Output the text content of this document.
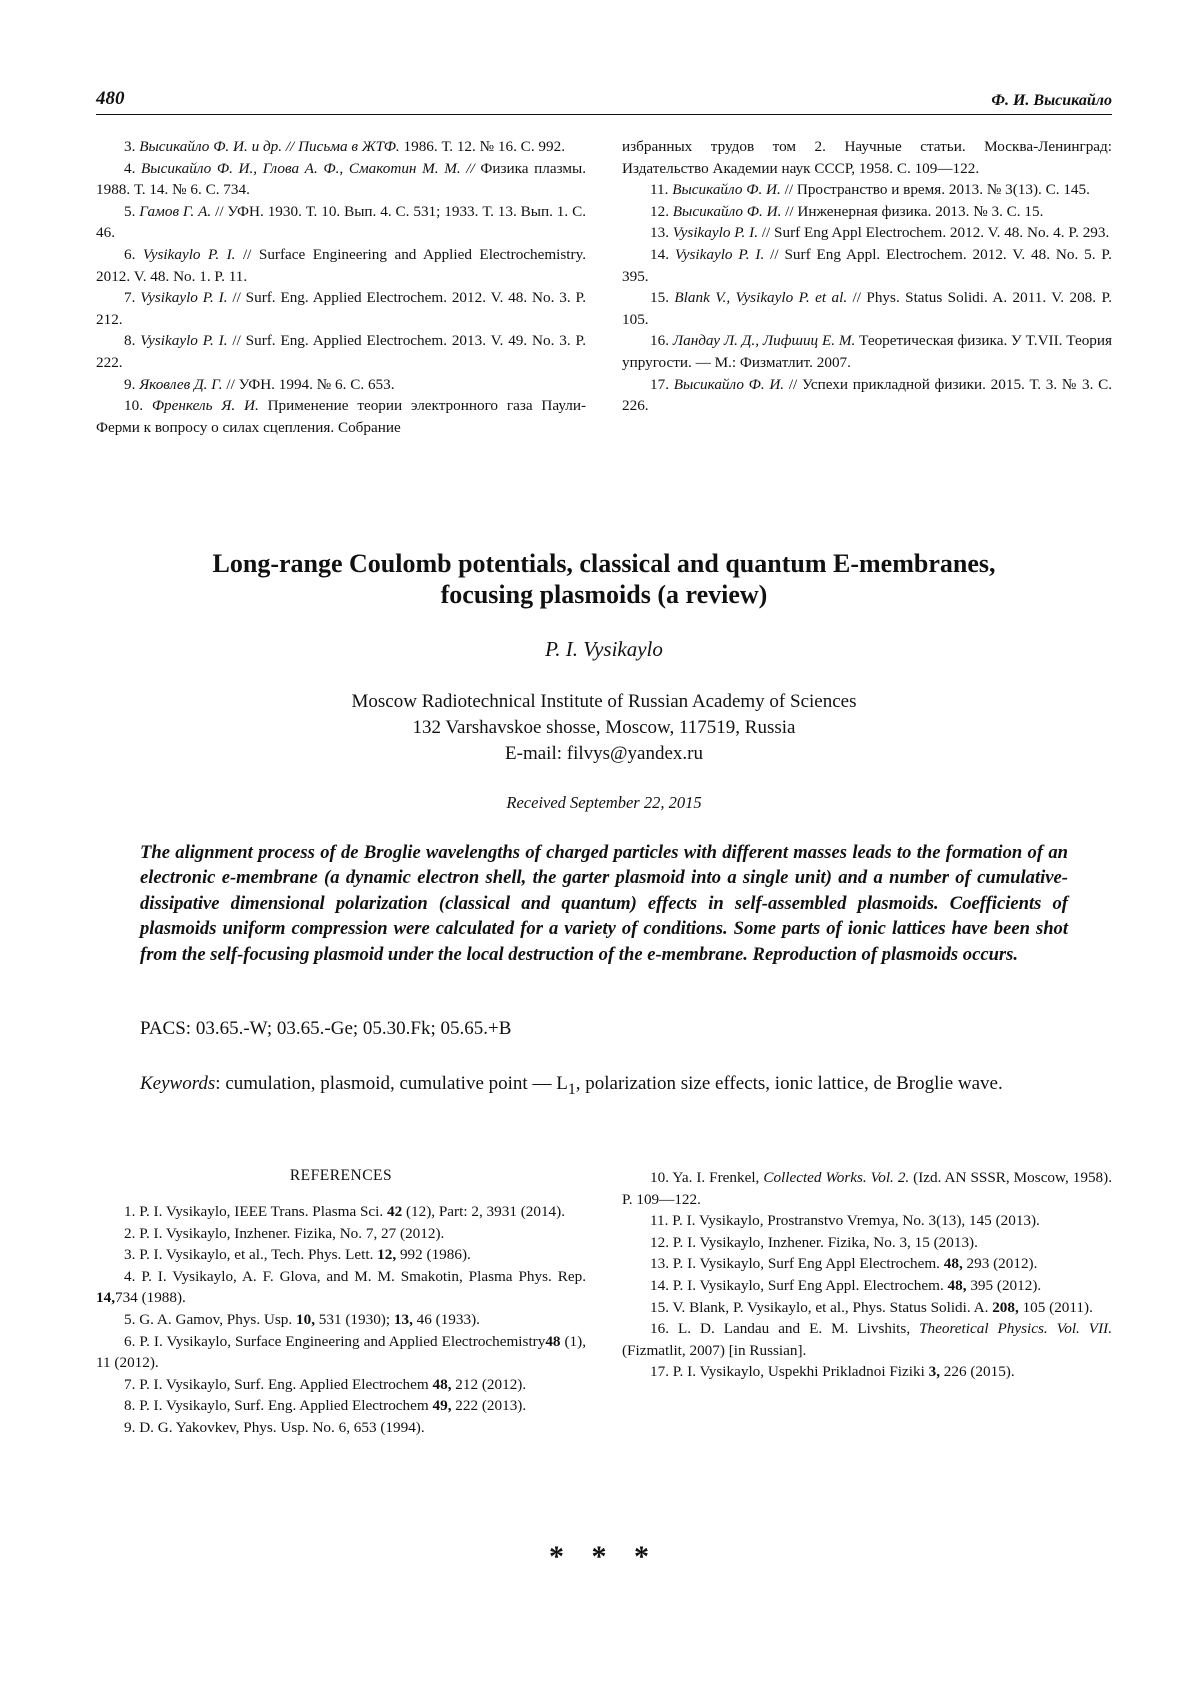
480	Ф. И. Высикайло

3. Высикайло Ф. И. и др. // Письма в ЖТФ. 1986. Т. 12. № 16. С. 992.

4. Высикайло Ф. И., Глова А. Ф., Смакотин М. М. // Физика плазмы. 1988. Т. 14. № 6. С. 734.

5. Гамов Г. А. // УФН. 1930. Т. 10. Вып. 4. С. 531; 1933. Т. 13. Вып. 1. С. 46.

6. Vysikaylo P. I. // Surface Engineering and Applied Electrochemistry. 2012. V. 48. No. 1. P. 11.

7. Vysikaylo P. I. // Surf. Eng. Applied Electrochem. 2012. V. 48. No. 3. P. 212.

8. Vysikaylo P. I. // Surf. Eng. Applied Electrochem. 2013. V. 49. No. 3. P. 222.

9. Яковлев Д. Г. // УФН. 1994. № 6. С. 653.

10. Френкель Я. И. Применение теории электронного газа Паули-Ферми к вопросу о силах сцепления. Собрание

избранных трудов том 2. Научные статьи. Москва-Ленинград: Издательство Академии наук СССР, 1958. С. 109—122.

11. Высикайло Ф. И. // Пространство и время. 2013. № 3(13). С. 145.

12. Высикайло Ф. И. // Инженерная физика. 2013. № 3. С. 15.

13. Vysikaylo P. I. // Surf Eng Appl Electrochem. 2012. V. 48. No. 4. P. 293.

14. Vysikaylo P. I. // Surf Eng Appl. Electrochem. 2012. V. 48. No. 5. P. 395.

15. Blank V., Vysikaylo P. et al. // Phys. Status Solidi. A. 2011. V. 208. P. 105.

16. Ландау Л. Д., Лифшиц Е. М. Теоретическая физика. У T.VII. Теория упругости. — М.: Физматлит. 2007.

17. Высикайло Ф. И. // Успехи прикладной физики. 2015. Т. 3. № 3. С. 226.

Long-range Coulomb potentials, classical and quantum E-membranes,
focusing plasmoids (a review)
P. I. Vysikaylo
Moscow Radiotechnical Institute of Russian Academy of Sciences
132 Varshavskoe shosse, Moscow, 117519, Russia
E-mail: filvys@yandex.ru
Received September 22, 2015

The alignment process of de Broglie wavelengths of charged particles with different masses leads to the formation of an electronic e-membrane (a dynamic electron shell, the garter plasmoid into a single unit) and a number of cumulative-dissipative dimensional polarization (classical and quantum) effects in self-assembled plasmoids. Coefficients of plasmoids uniform compression were calculated for a variety of conditions. Some parts of ionic lattices have been shot from the self-focusing plasmoid under the local destruction of the e-membrane. Reproduction of plasmoids occurs.

PACS: 03.65.-W; 03.65.-Ge; 05.30.Fk; 05.65.+B

Keywords: cumulation, plasmoid, cumulative point — $L_1$, polarization size effects, ionic lattice, de Broglie wave.

REFERENCES

1. P. I. Vysikaylo, IEEE Trans. Plasma Sci. 42 (12), Part: 2, 3931 (2014).

2. P. I. Vysikaylo, Inzhener. Fizika, No. 7, 27 (2012).

3. P. I. Vysikaylo, et al., Tech. Phys. Lett. 12, 992 (1986).

4. P. I. Vysikaylo, A. F. Glova, and M. M. Smakotin, Plasma Phys. Rep. 14,734 (1988).

5. G. A. Gamov, Phys. Usp. 10, 531 (1930); 13, 46 (1933).

6. P. I. Vysikaylo, Surface Engineering and Applied Electrochemistry48 (1), 11 (2012).

7. P. I. Vysikaylo, Surf. Eng. Applied Electrochem 48, 212 (2012).

8. P. I. Vysikaylo, Surf. Eng. Applied Electrochem 49, 222 (2013).

9. D. G. Yakovkev, Phys. Usp. No. 6, 653 (1994).

10. Ya. I. Frenkel, Collected Works. Vol. 2. (Izd. AN SSSR, Moscow, 1958). P. 109—122.

11. P. I. Vysikaylo, Prostranstvo Vremya, No. 3(13), 145 (2013).

12. P. I. Vysikaylo, Inzhener. Fizika, No. 3, 15 (2013).

13. P. I. Vysikaylo, Surf Eng Appl Electrochem. 48, 293 (2012).

14. P. I. Vysikaylo, Surf Eng Appl. Electrochem. 48, 395 (2012).

15. V. Blank, P. Vysikaylo, et al., Phys. Status Solidi. A. 208, 105 (2011).

16. L. D. Landau and E. M. Livshits, Theoretical Physics. Vol. VII. (Fizmatlit, 2007) [in Russian].

17. P. I. Vysikaylo, Uspekhi Prikladnoi Fiziki 3, 226 (2015).

* * *
